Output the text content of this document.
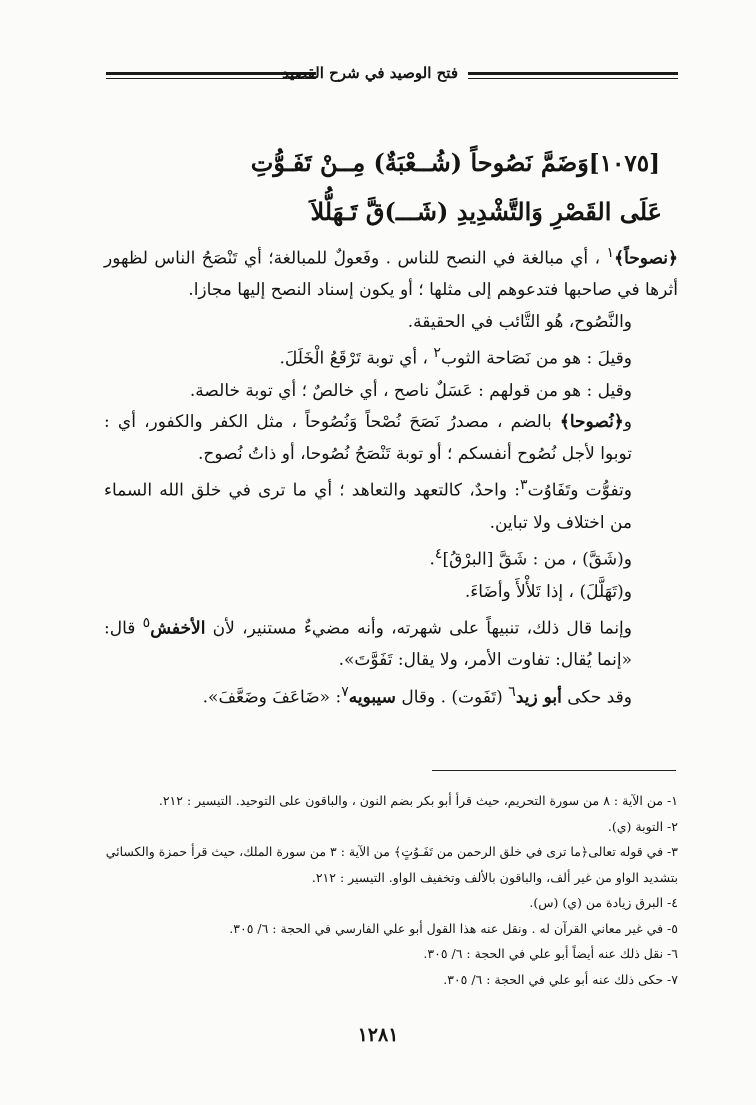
فتح الوصيد في شرح القصيد
[١٠٧٥]وَضَمَّ نَصُوحاً (شُــعْبَةٌ) مِــنْ تَفَـوُّتِ
عَلَى القَصْرِ وَالتَّشْدِيدِ (شَـــ)قَّ تَـهَلُّلاَ

﴿نصوحاً﴾$^١$ ، أي مبالغة في النصح للناس . وفَعولٌ للمبالغة؛ أي تَنْصَحُ الناس لظهور أثرها في صاحبها فتدعوهم إلى مثلها ؛ أو يكون إسناد النصح إليها مجازا.

والنَّصُوح، هُو التَّائب في الحقيقة.

وقيلَ : هو من نَصَاحة الثوب$^٢$ ، أي توبة تَرْقَعُ الْخَلَلَ.

وقيل : هو من قولهم : عَسَلٌ ناصح ، أي خالصٌ ؛ أي توبة خالصة.

و﴿نُصوحا﴾ بالضم ، مصدرُ نَصَحَ نُصْحاً وَنُصُوحاً ، مثل الكفر والكفور، أي : توبوا لأجل نُصُوح أنفسكم ؛ أو توبة تَنْصَحُ نُصُوحا، أو ذاتُ نُصوح.

وتفوُّت وتَفَاوُت$^٣$: واحدٌ، كالتعهد والتعاهد ؛ أي ما ترى في خلق الله السماء من اختلاف ولا تباين.

و(شَقَّ) ، من : شَقَّ [البرْقُ]$^٤$.

و(تَهَلَّلَ) ، إذا تَلأْلأَ وأضَاءَ.

وإنما قال ذلك، تنبيهاً على شهرته، وأنه مضيءٌ مستنير، لأن الأخفش$^٥$ قال: «إنما يُقال: تفاوت الأمر، ولا يقال: تَفَوَّتَ».

وقد حكى أبو زيد$^٦$ (تَفَوت) . وقال سيبويه$^٧$: «ضَاعَفَ وضَعَّفَ».

١- من الآية : ٨ من سورة التحريم، حيث قرأ أبو بكر بضم النون ، والباقون على التوحيد. التيسير : ٢١٢.

٢- التوبة (ي).

٣- في قوله تعالى﴿ما ترى في خلق الرحمن من تَفَـوُتٍ﴾ من الآية : ٣ من سورة الملك، حيث قرأ حمزة والكسائي بتشديد الواو من غير ألف، والباقون بالألف وتخفيف الواو. التيسير : ٢١٢.

٤- البرق زيادة من (ي) (س).

٥- في غير معاني القرآن له . ونقل عنه هذا القول أبو علي الفارسي في الحجة : ٦/ ٣٠٥.

٦- نقل ذلك عنه أيضاً أبو علي في الحجة : ٦/ ٣٠٥.

٧- حكى ذلك عنه أبو علي في الحجة : ٦/ ٣٠٥.

١٢٨١
